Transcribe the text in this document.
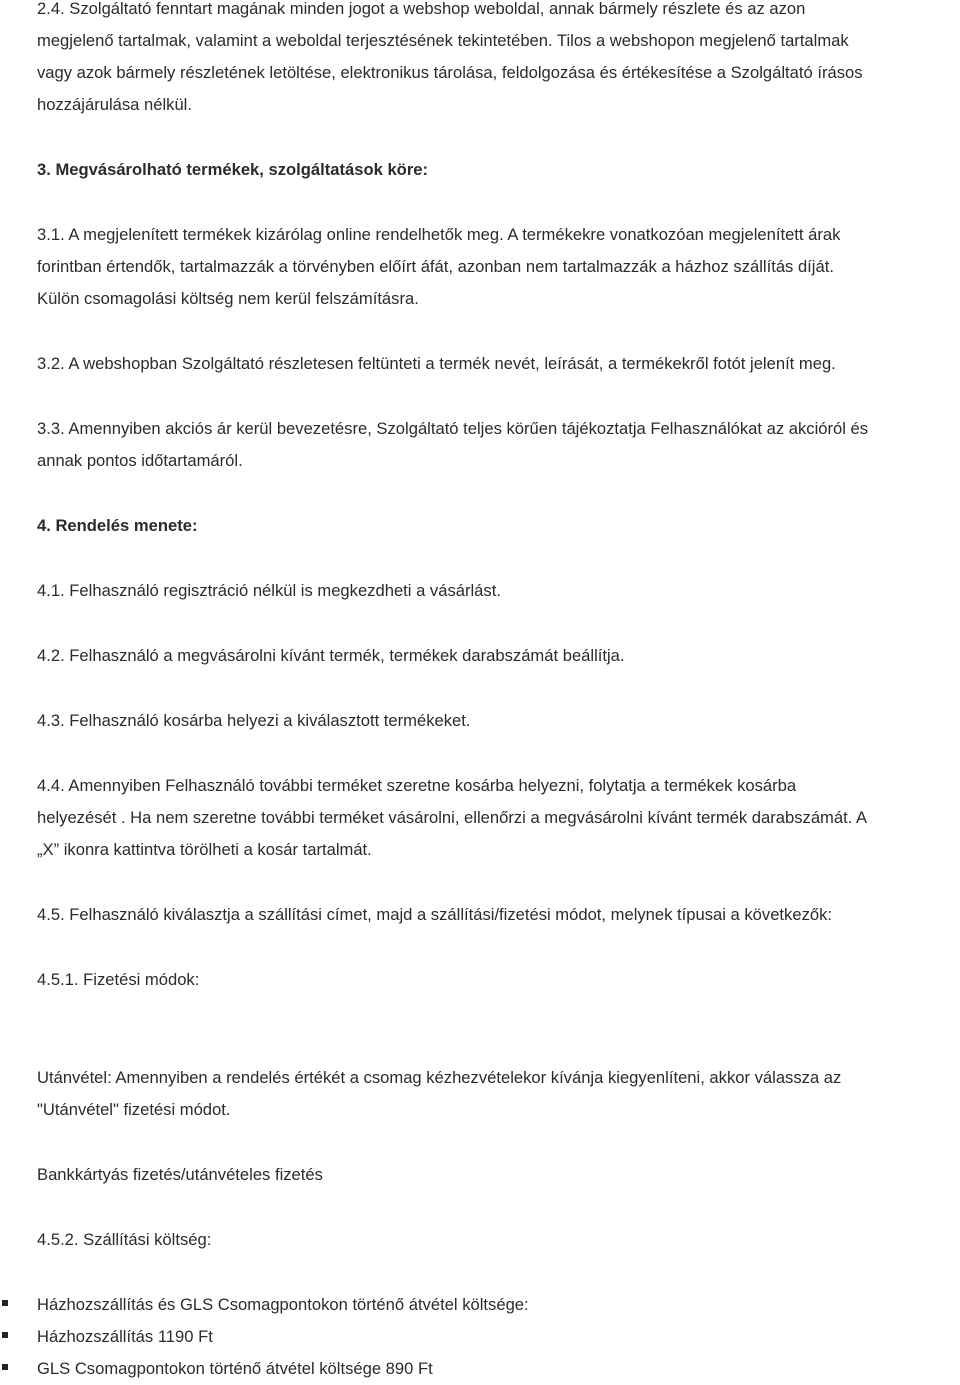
2.4. Szolgáltató fenntart magának minden jogot a webshop weboldal, annak bármely részlete és az azon

megjelenő tartalmak, valamint a weboldal terjesztésének tekintetében. Tilos a webshopon megjelenő tartalmak

vagy azok bármely részletének letöltése, elektronikus tárolása, feldolgozása és értékesítése a Szolgáltató írásos

hozzájárulása nélkül.

3. Megvásárolható termékek, szolgáltatások köre:

3.1. A megjelenített termékek kizárólag online rendelhetők meg. A termékekre vonatkozóan megjelenített árak

forintban értendők, tartalmazzák a törvényben előírt áfát, azonban nem tartalmazzák a házhoz szállítás díját.

Külön csomagolási költség nem kerül felszámításra.

3.2. A webshopban Szolgáltató részletesen feltünteti a termék nevét, leírását, a termékekről fotót jelenít meg.

3.3. Amennyiben akciós ár kerül bevezetésre, Szolgáltató teljes körűen tájékoztatja Felhasználókat az akcióról és

annak pontos időtartamáról.

4. Rendelés menete:

4.1. Felhasználó regisztráció nélkül is megkezdheti a vásárlást.

4.2. Felhasználó a megvásárolni kívánt termék, termékek darabszámát beállítja.

4.3. Felhasználó kosárba helyezi a kiválasztott termékeket.

4.4. Amennyiben Felhasználó további terméket szeretne kosárba helyezni, folytatja a termékek kosárba

helyezését . Ha nem szeretne további terméket vásárolni, ellenőrzi a megvásárolni kívánt termék darabszámát. A

„X” ikonra kattintva törölheti a kosár tartalmát.

4.5. Felhasználó kiválasztja a szállítási címet, majd a szállítási/fizetési módot, melynek típusai a következők:

4.5.1. Fizetési módok:

Utánvétel: Amennyiben a rendelés értékét a csomag kézhezvételekor kívánja kiegyenlíteni, akkor válassza az

"Utánvétel" fizetési módot.

Bankkártyás fizetés/utánvételes fizetés

4.5.2. Szállítási költség:

Házhozszállítás és GLS Csomagpontokon történő átvétel költsége:
Házhozszállítás 1190 Ft
GLS Csomagpontokon történő átvétel költsége 890 Ft
